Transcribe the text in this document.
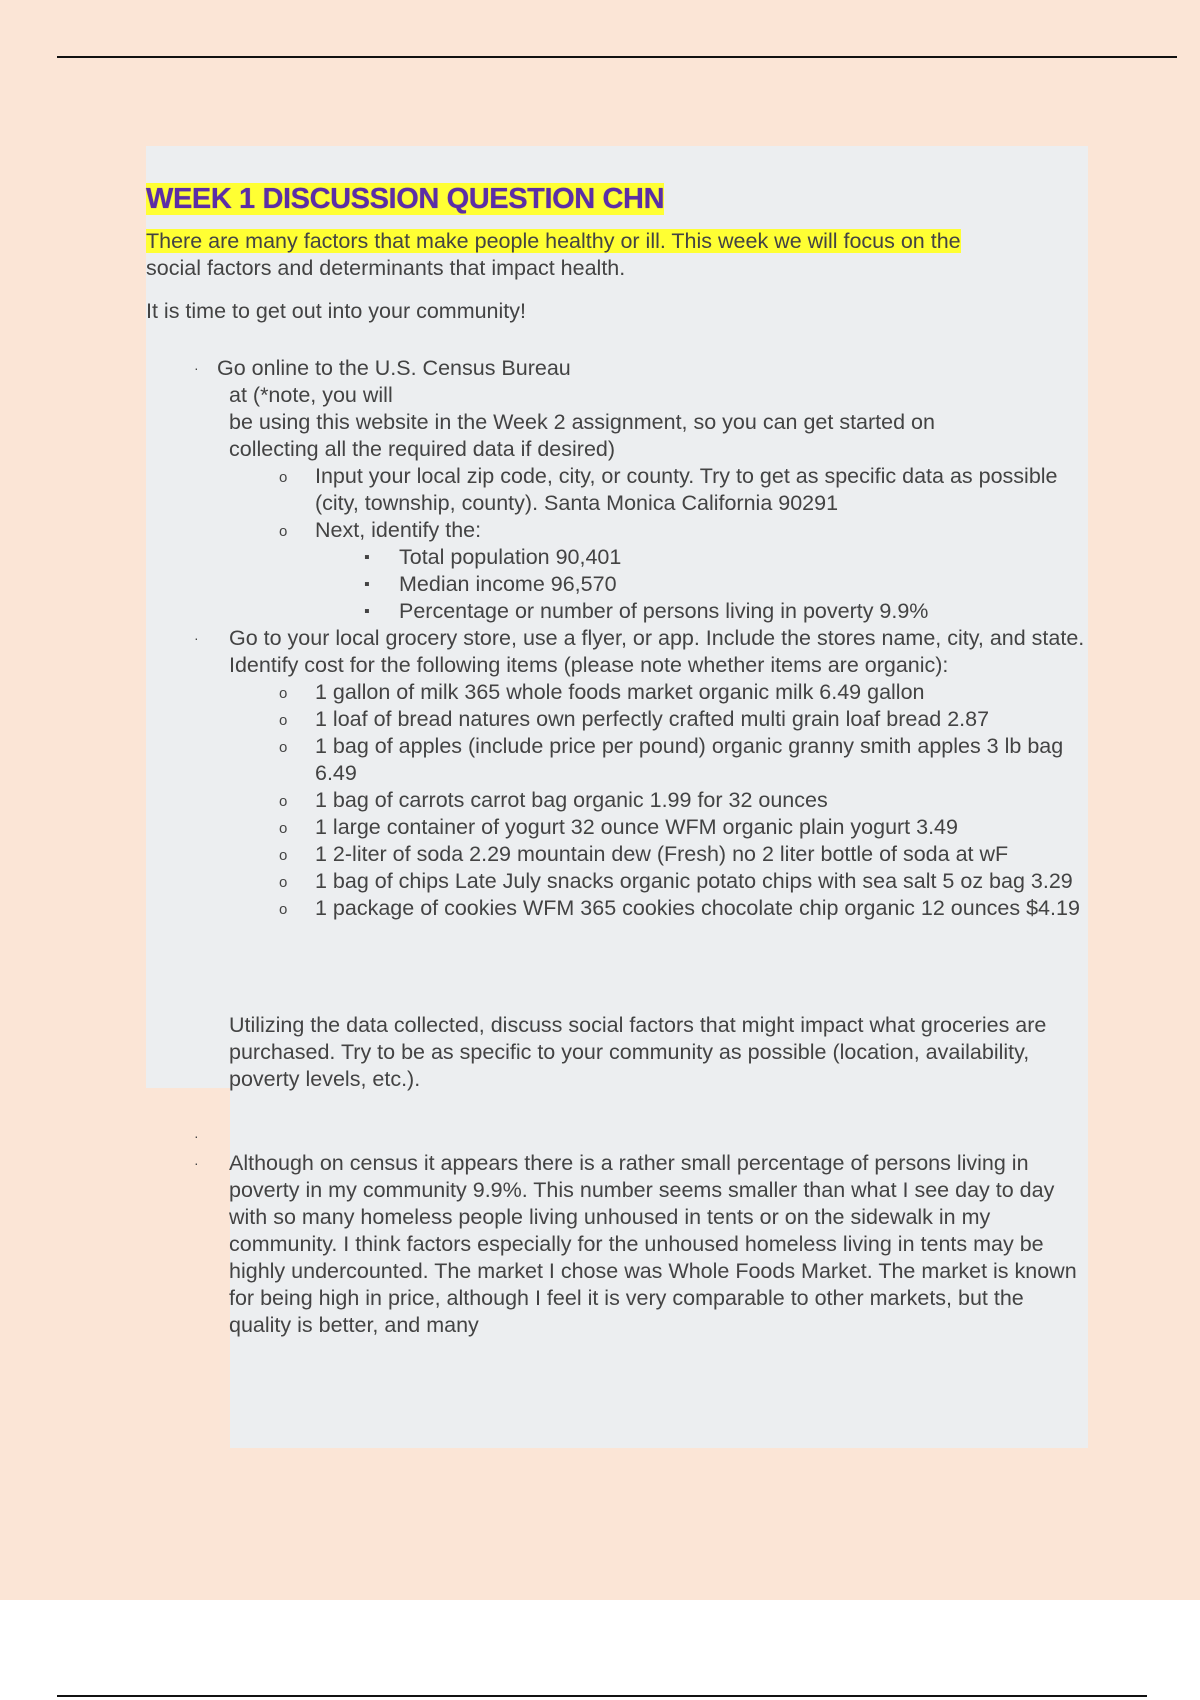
WEEK 1 DISCUSSION QUESTION CHN

There are many factors that make people healthy or ill. This week we will focus on the
social factors and determinants that impact health.

It is time to get out into your community!

· Go online to the U.S. Census Bureau
at (*note, you will
be using this website in the Week 2 assignment, so you can get started on
collecting all the required data if desired)
o Input your local zip code, city, or county. Try to get as specific data as possible (city, township, county). Santa Monica California 90291
o Next, identify the:
▪ Total population 90,401
▪ Median income 96,570
▪ Percentage or number of persons living in poverty 9.9%
· Go to your local grocery store, use a flyer, or app. Include the stores name, city, and state. Identify cost for the following items (please note whether items are organic):
o 1 gallon of milk 365 whole foods market organic milk 6.49 gallon
o 1 loaf of bread natures own perfectly crafted multi grain loaf bread 2.87
o 1 bag of apples (include price per pound) organic granny smith apples 3 lb bag 6.49
o 1 bag of carrots carrot bag organic 1.99 for 32 ounces
o 1 large container of yogurt 32 ounce WFM organic plain yogurt 3.49
o 1 2-liter of soda 2.29 mountain dew (Fresh) no 2 liter bottle of soda at wF
o 1 bag of chips Late July snacks organic potato chips with sea salt 5 oz bag 3.29
o 1 package of cookies WFM 365 cookies chocolate chip organic 12 ounces $4.19

Utilizing the data collected, discuss social factors that might impact what groceries are purchased. Try to be as specific to your community as possible (location, availability, poverty levels, etc.).

·
· Although on census it appears there is a rather small percentage of persons living in poverty in my community 9.9%. This number seems smaller than what I see day to day with so many homeless people living unhoused in tents or on the sidewalk in my community. I think factors especially for the unhoused homeless living in tents may be highly undercounted. The market I chose was Whole Foods Market. The market is known for being high in price, although I feel it is very comparable to other markets, but the quality is better, and many
